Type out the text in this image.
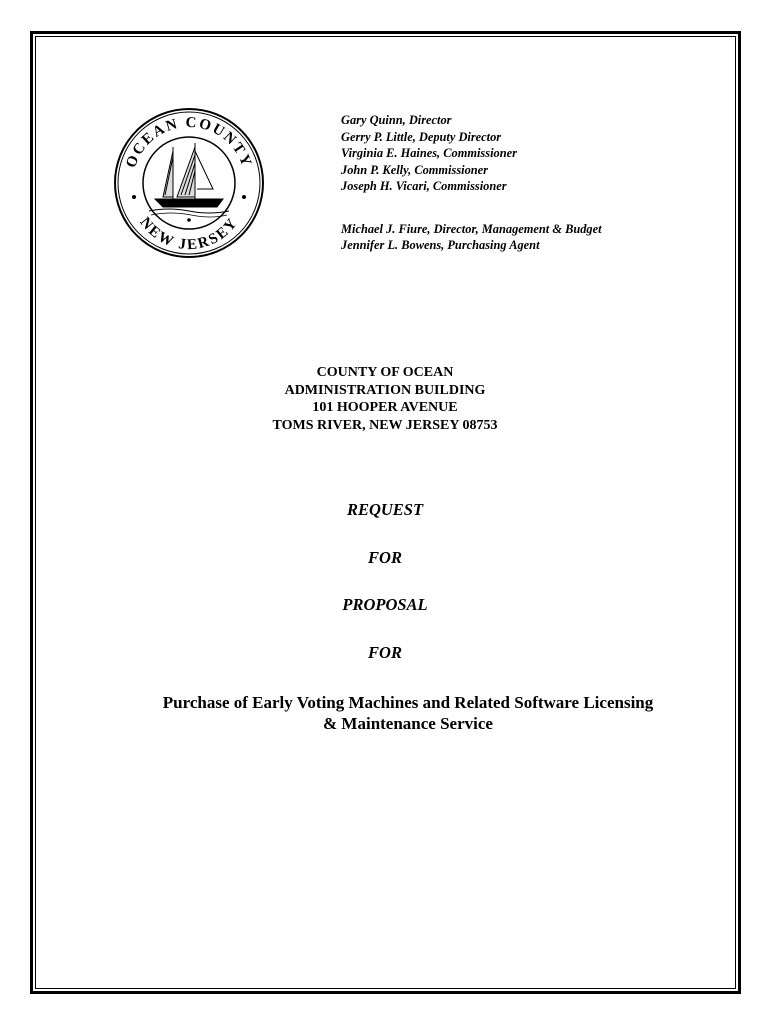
OCEAN COUNTY
NEW JERSEY
Gary Quinn, Director
Gerry P. Little, Deputy Director
Virginia E. Haines, Commissioner
John P. Kelly, Commissioner
Joseph H. Vicari, Commissioner
Michael J. Fiure, Director, Management & Budget
Jennifer L. Bowens, Purchasing Agent
COUNTY OF OCEAN
ADMINISTRATION BUILDING
101 HOOPER AVENUE
TOMS RIVER, NEW JERSEY 08753
REQUEST
FOR
PROPOSAL
FOR
Purchase of Early Voting Machines and Related Software Licensing
& Maintenance Service
